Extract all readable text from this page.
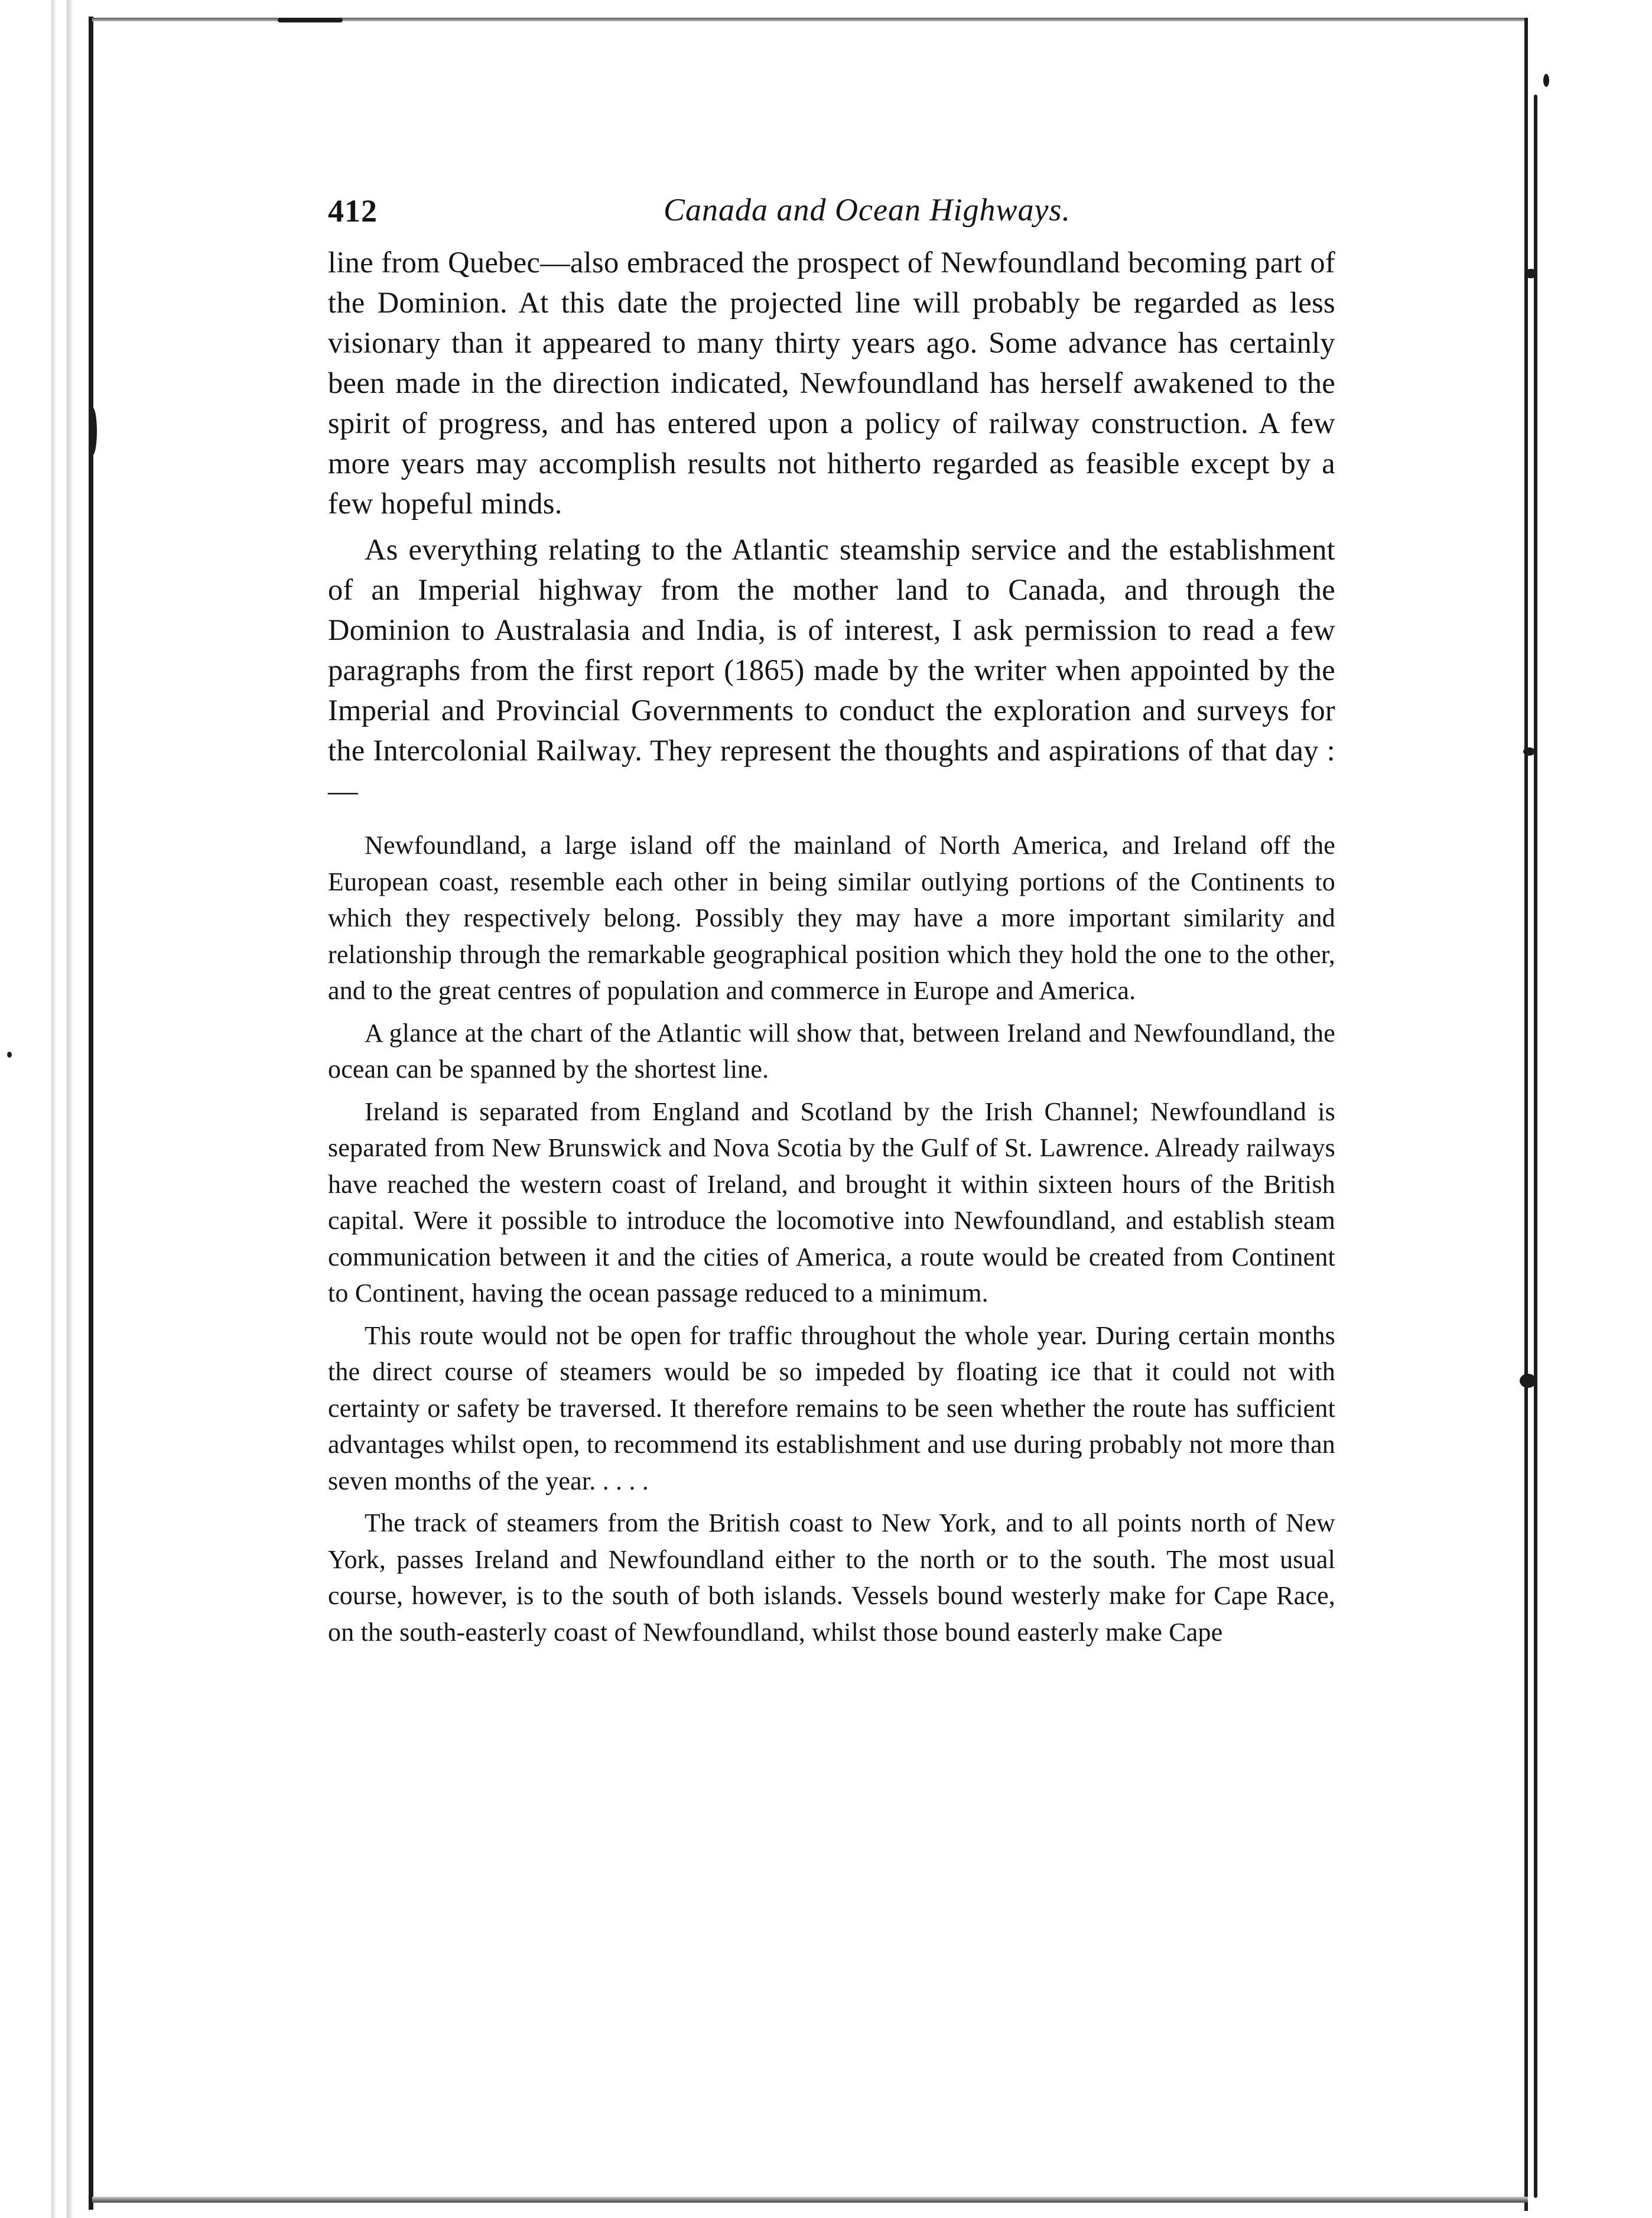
412	Canada and Ocean Highways.

line from Quebec—also embraced the prospect of Newfoundland becoming part of the Dominion. At this date the projected line will probably be regarded as less visionary than it appeared to many thirty years ago. Some advance has certainly been made in the direction indicated, Newfoundland has herself awakened to the spirit of progress, and has entered upon a policy of railway construction. A few more years may accomplish results not hitherto regarded as feasible except by a few hopeful minds.

As everything relating to the Atlantic steamship service and the establishment of an Imperial highway from the mother land to Canada, and through the Dominion to Australasia and India, is of interest, I ask permission to read a few paragraphs from the first report (1865) made by the writer when appointed by the Imperial and Provincial Governments to conduct the exploration and surveys for the Intercolonial Railway. They represent the thoughts and aspirations of that day :—

Newfoundland, a large island off the mainland of North America, and Ireland off the European coast, resemble each other in being similar outlying portions of the Continents to which they respectively belong. Possibly they may have a more important similarity and relationship through the remarkable geographical position which they hold the one to the other, and to the great centres of population and commerce in Europe and America.

A glance at the chart of the Atlantic will show that, between Ireland and Newfoundland, the ocean can be spanned by the shortest line.

Ireland is separated from England and Scotland by the Irish Channel; Newfoundland is separated from New Brunswick and Nova Scotia by the Gulf of St. Lawrence. Already railways have reached the western coast of Ireland, and brought it within sixteen hours of the British capital. Were it possible to introduce the locomotive into Newfoundland, and establish steam communication between it and the cities of America, a route would be created from Continent to Continent, having the ocean passage reduced to a minimum.

This route would not be open for traffic throughout the whole year. During certain months the direct course of steamers would be so impeded by floating ice that it could not with certainty or safety be traversed. It therefore remains to be seen whether the route has sufficient advantages whilst open, to recommend its establishment and use during probably not more than seven months of the year. . . . .

The track of steamers from the British coast to New York, and to all points north of New York, passes Ireland and Newfoundland either to the north or to the south. The most usual course, however, is to the south of both islands. Vessels bound westerly make for Cape Race, on the south-easterly coast of Newfoundland, whilst those bound easterly make Cape
